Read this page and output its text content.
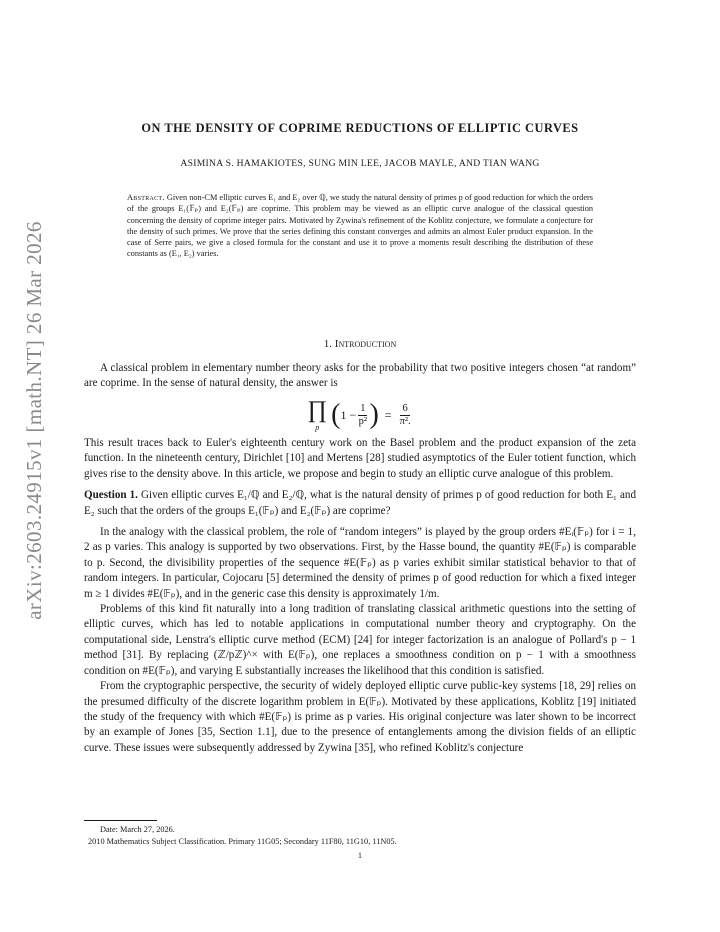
arXiv:2603.24915v1 [math.NT] 26 Mar 2026
ON THE DENSITY OF COPRIME REDUCTIONS OF ELLIPTIC CURVES
ASIMINA S. HAMAKIOTES, SUNG MIN LEE, JACOB MAYLE, AND TIAN WANG
Abstract. Given non-CM elliptic curves E₁ and E₂ over ℚ, we study the natural density of primes p of good reduction for which the orders of the groups E₁(𝔽ₚ) and E₂(𝔽ₚ) are coprime. This problem may be viewed as an elliptic curve analogue of the classical question concerning the density of coprime integer pairs. Motivated by Zywina's refinement of the Koblitz conjecture, we formulate a conjecture for the density of such primes. We prove that the series defining this constant converges and admits an almost Euler product expansion. In the case of Serre pairs, we give a closed formula for the constant and use it to prove a moments result describing the distribution of these constants as (E₁, E₂) varies.
1. Introduction

A classical problem in elementary number theory asks for the probability that two positive integers chosen “at random” are coprime. In the sense of natural density, the answer is

∏
p ( $1 - \frac{1}{\text{p²}}$ ) = $\frac{6}{\text{π².}}$

This result traces back to Euler's eighteenth century work on the Basel problem and the product expansion of the zeta function. In the nineteenth century, Dirichlet [10] and Mertens [28] studied asymptotics of the Euler totient function, which gives rise to the density above. In this article, we propose and begin to study an elliptic curve analogue of this problem.

Question 1. Given elliptic curves E₁/ℚ and E₂/ℚ, what is the natural density of primes p of good reduction for both E₁ and E₂ such that the orders of the groups E₁(𝔽ₚ) and E₂(𝔽ₚ) are coprime?

In the analogy with the classical problem, the role of “random integers” is played by the group orders #Eᵢ(𝔽ₚ) for i = 1, 2 as p varies. This analogy is supported by two observations. First, by the Hasse bound, the quantity #E(𝔽ₚ) is comparable to p. Second, the divisibility properties of the sequence #E(𝔽ₚ) as p varies exhibit similar statistical behavior to that of random integers. In particular, Cojocaru [5] determined the density of primes p of good reduction for which a fixed integer m ≥ 1 divides #E(𝔽ₚ), and in the generic case this density is approximately 1/m.

Problems of this kind fit naturally into a long tradition of translating classical arithmetic questions into the setting of elliptic curves, which has led to notable applications in computational number theory and cryptography. On the computational side, Lenstra's elliptic curve method (ECM) [24] for integer factorization is an analogue of Pollard's p − 1 method [31]. By replacing (ℤ/pℤ)^× with E(𝔽ₚ), one replaces a smoothness condition on p − 1 with a smoothness condition on #E(𝔽ₚ), and varying E substantially increases the likelihood that this condition is satisfied.

From the cryptographic perspective, the security of widely deployed elliptic curve public-key systems [18, 29] relies on the presumed difficulty of the discrete logarithm problem in E(𝔽ₚ). Motivated by these applications, Koblitz [19] initiated the study of the frequency with which #E(𝔽ₚ) is prime as p varies. His original conjecture was later shown to be incorrect by an example of Jones [35, Section 1.1], due to the presence of entanglements among the division fields of an elliptic curve. These issues were subsequently addressed by Zywina [35], who refined Koblitz's conjecture

Date: March 27, 2026.
2010 Mathematics Subject Classification. Primary 11G05; Secondary 11F80, 11G10, 11N05.
1
